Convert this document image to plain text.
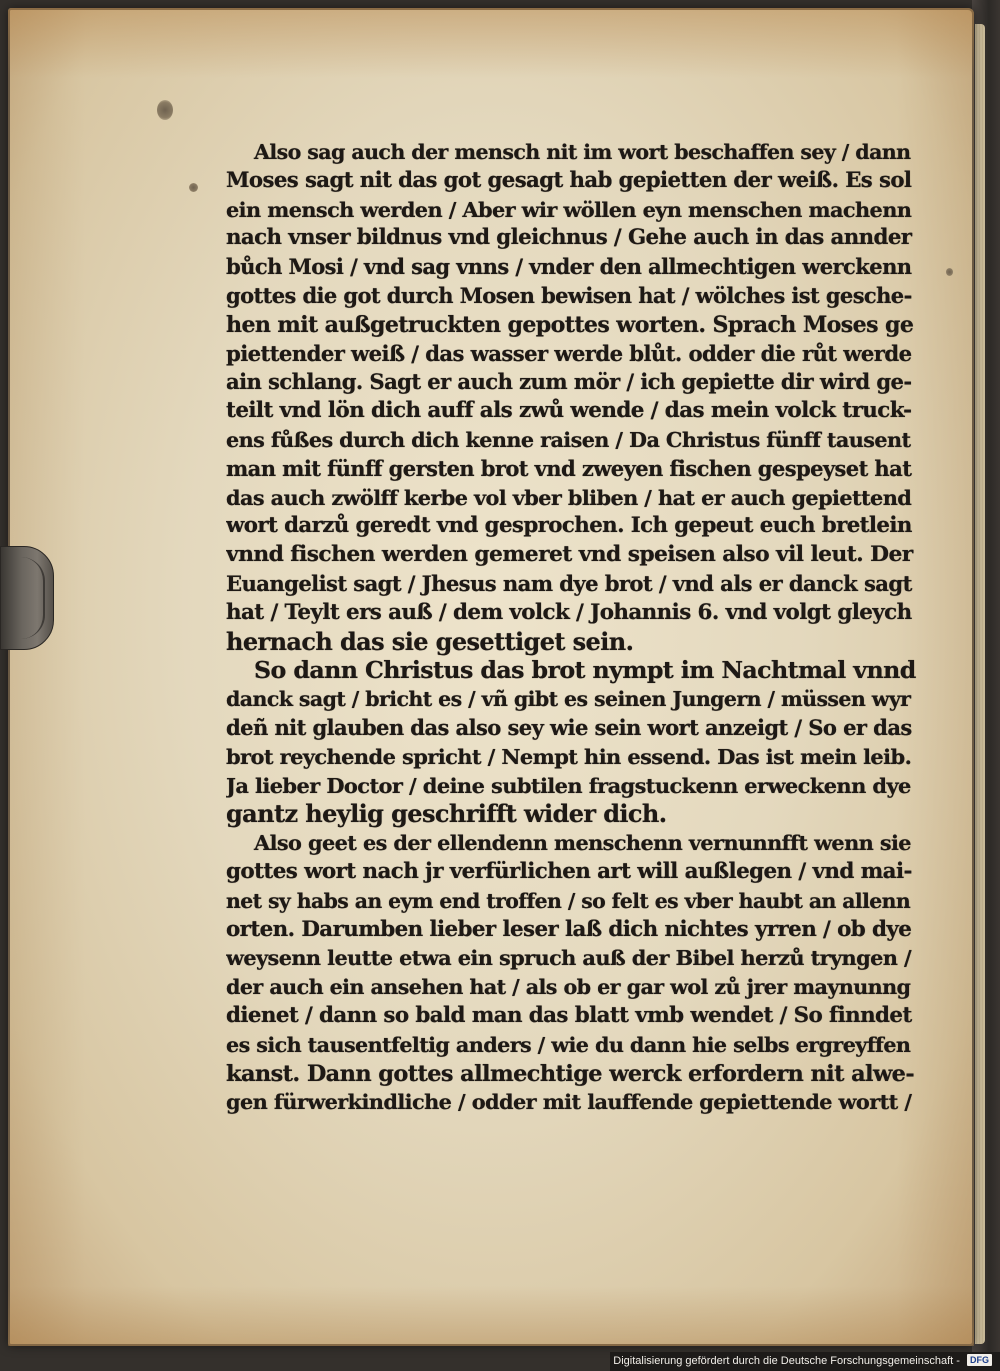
Also sag auch der mensch nit im wort beschaffen sey / dann
Moses sagt nit das got gesagt hab gepietten der weiß. Es sol
ein mensch werden / Aber wir wöllen eyn menschen machenn
nach vnser bildnus vnd gleichnus / Gehe auch in das annder
bůch Mosi / vnd sag vnns / vnder den allmechtigen werckenn
gottes die got durch Mosen bewisen hat / wölches ist gesche-
hen mit außgetruckten gepottes worten. Sprach Moses ge
piettender weiß / das wasser werde blůt. odder die růt werde
ain schlang. Sagt er auch zum mör / ich gepiette dir wird ge-
teilt vnd lön dich auff als zwů wende / das mein volck truck-
ens fůßes durch dich kenne raisen / Da Christus fünff tausent
man mit fünff gersten brot vnd zweyen fischen gespeyset hat
das auch zwölff kerbe vol vber bliben / hat er auch gepiettend
wort darzů geredt vnd gesprochen. Ich gepeut euch bretlein
vnnd fischen werden gemeret vnd speisen also vil leut. Der
Euangelist sagt / Jhesus nam dye brot / vnd als er danck sagt
hat / Teylt ers auß / dem volck / Johannis 6. vnd volgt gleych
hernach das sie gesettiget sein.
So dann Christus das brot nympt im Nachtmal vnnd
danck sagt / bricht es / vñ gibt es seinen Jungern / müssen wyr
deñ nit glauben das also sey wie sein wort anzeigt / So er das
brot reychende spricht / Nempt hin essend. Das ist mein leib.
Ja lieber Doctor / deine subtilen fragstuckenn erweckenn dye
gantz heylig geschrifft wider dich.
Also geet es der ellendenn menschenn vernunnfft wenn sie
gottes wort nach jr verfürlichen art will außlegen / vnd mai-
net sy habs an eym end troffen / so felt es vber haubt an allenn
orten. Darumben lieber leser laß dich nichtes yrren / ob dye
weysenn leutte etwa ein spruch auß der Bibel herzů tryngen /
der auch ein ansehen hat / als ob er gar wol zů jrer maynunng
dienet / dann so bald man das blatt vmb wendet / So finndet
es sich tausentfeltig anders / wie du dann hie selbs ergreyffen
kanst. Dann gottes allmechtige werck erfordern nit alwe-
gen fürwerkindliche / odder mit lauffende gepiettende wortt /
Digitalisierung gefördert durch die Deutsche Forschungsgemeinschaft - DFG
